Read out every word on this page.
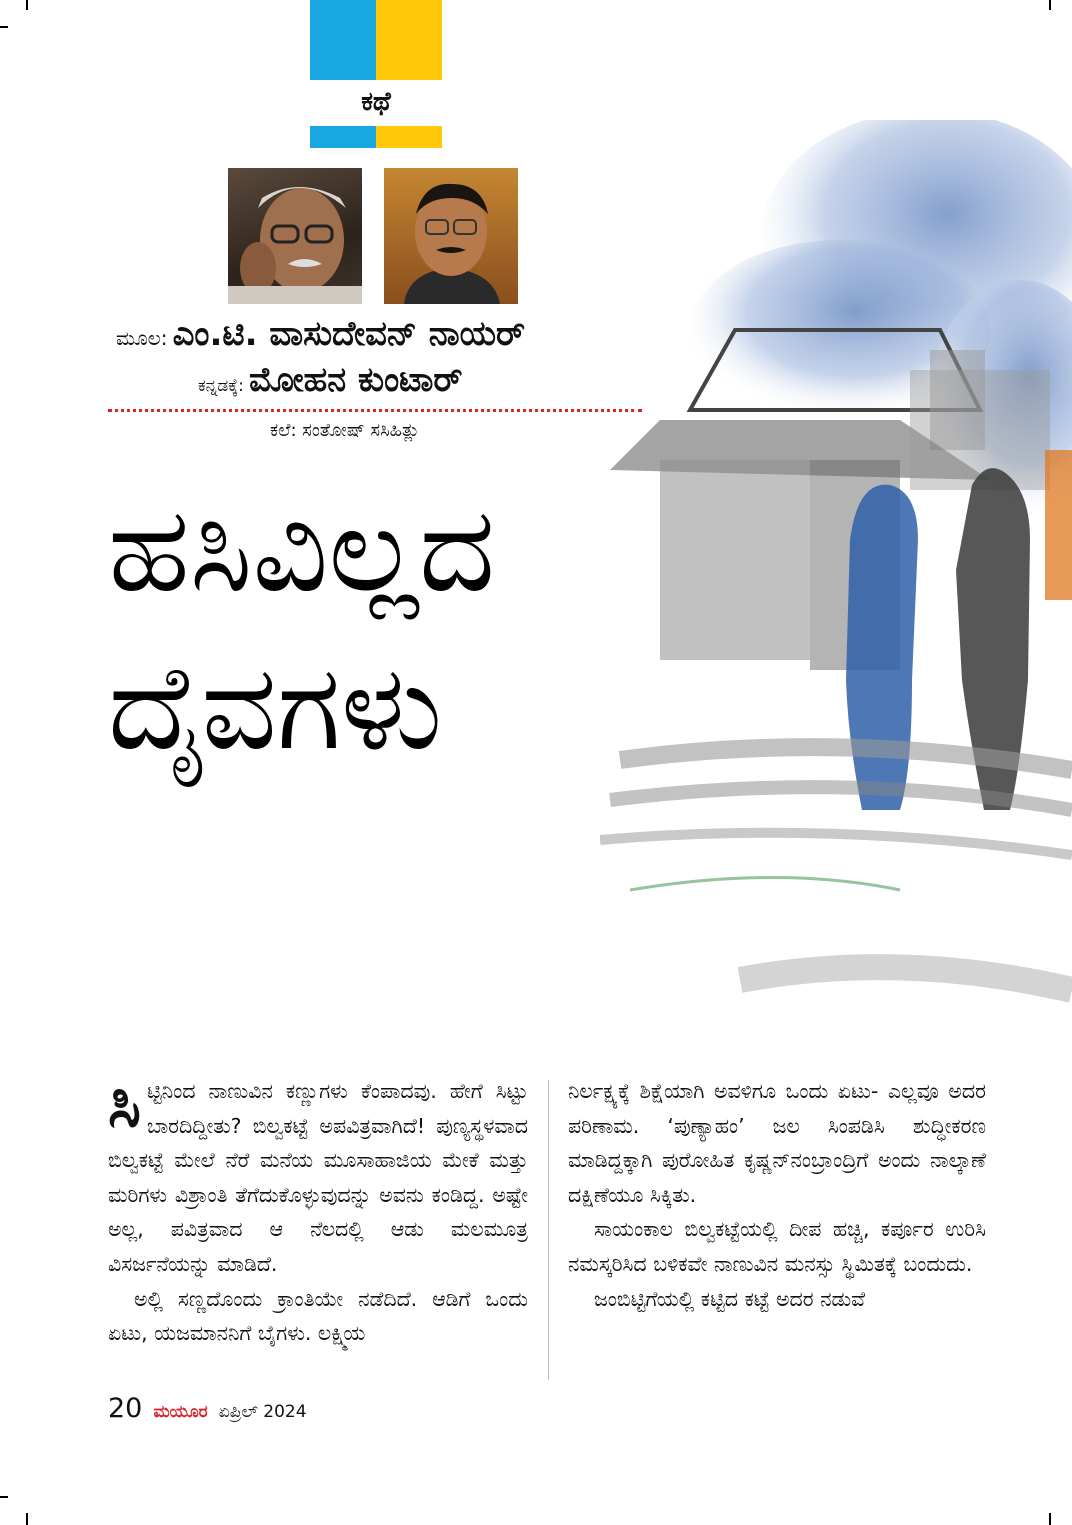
ಕಥೆ
ಮೂಲ: ಎಂ.ಟಿ. ವಾಸುದೇವನ್ ನಾಯರ್
ಕನ್ನಡಕ್ಕೆ: ಮೋಹನ ಕುಂಟಾರ್
ಕಲೆ: ಸಂತೋಷ್ ಸಸಿಹಿತ್ಲು
ಹಸಿವಿಲ್ಲದ
ದೈವಗಳು

ಸಿಟ್ಟಿನಿಂದ ನಾಣುವಿನ ಕಣ್ಣುಗಳು ಕೆಂಪಾದವು. ಹೇಗೆ ಸಿಟ್ಟು ಬಾರದಿದ್ದೀತು? ಬಿಲ್ವಕಟ್ಟೆ ಅಪವಿತ್ರವಾಗಿದೆ! ಪುಣ್ಯಸ್ಥಳವಾದ ಬಿಲ್ವಕಟ್ಟೆ ಮೇಲೆ ನೆರೆ ಮನೆಯ ಮೂಸಾಹಾಜಿಯ ಮೇಕೆ ಮತ್ತು ಮರಿಗಳು ವಿಶ್ರಾಂತಿ ತೆಗೆದುಕೊಳ್ಳುವುದನ್ನು ಅವನು ಕಂಡಿದ್ದ. ಅಷ್ಟೇ ಅಲ್ಲ, ಪವಿತ್ರವಾದ ಆ ನೆಲದಲ್ಲಿ ಆಡು ಮಲಮೂತ್ರ ವಿಸರ್ಜನೆಯನ್ನು ಮಾಡಿದೆ.

ಅಲ್ಲಿ ಸಣ್ಣದೊಂದು ಕ್ರಾಂತಿಯೇ ನಡೆದಿದೆ. ಆಡಿಗೆ ಒಂದು ಏಟು, ಯಜಮಾನನಿಗೆ ಬೈಗಳು. ಲಕ್ಷ್ಮಿಯ

ನಿರ್ಲಕ್ಷ್ಯಕ್ಕೆ ಶಿಕ್ಷೆಯಾಗಿ ಅವಳಿಗೂ ಒಂದು ಏಟು- ಎಲ್ಲವೂ ಅದರ ಪರಿಣಾಮ. ‘ಪುಣ್ಯಾಹಂ’ ಜಲ ಸಿಂಪಡಿಸಿ ಶುದ್ಧೀಕರಣ ಮಾಡಿದ್ದಕ್ಕಾಗಿ ಪುರೋಹಿತ ಕೃಷ್ಣನ್‌ನಂಬ್ರಾಂದ್ರಿಗೆ ಅಂದು ನಾಲ್ಕಾಣೆ ದಕ್ಷಿಣೆಯೂ ಸಿಕ್ಕಿತು.

ಸಾಯಂಕಾಲ ಬಿಲ್ವಕಟ್ಟೆಯಲ್ಲಿ ದೀಪ ಹಚ್ಚಿ, ಕರ್ಪೂರ ಉರಿಸಿ ನಮಸ್ಕರಿಸಿದ ಬಳಿಕವೇ ನಾಣುವಿನ ಮನಸ್ಸು ಸ್ಥಿಮಿತಕ್ಕೆ ಬಂದುದು.

ಜಂಬಿಟ್ಟಿಗೆಯಲ್ಲಿ ಕಟ್ಟಿದ ಕಟ್ಟೆ ಅದರ ನಡುವೆ

20 ಮಯೂರ ಏಪ್ರಿಲ್ 2024
